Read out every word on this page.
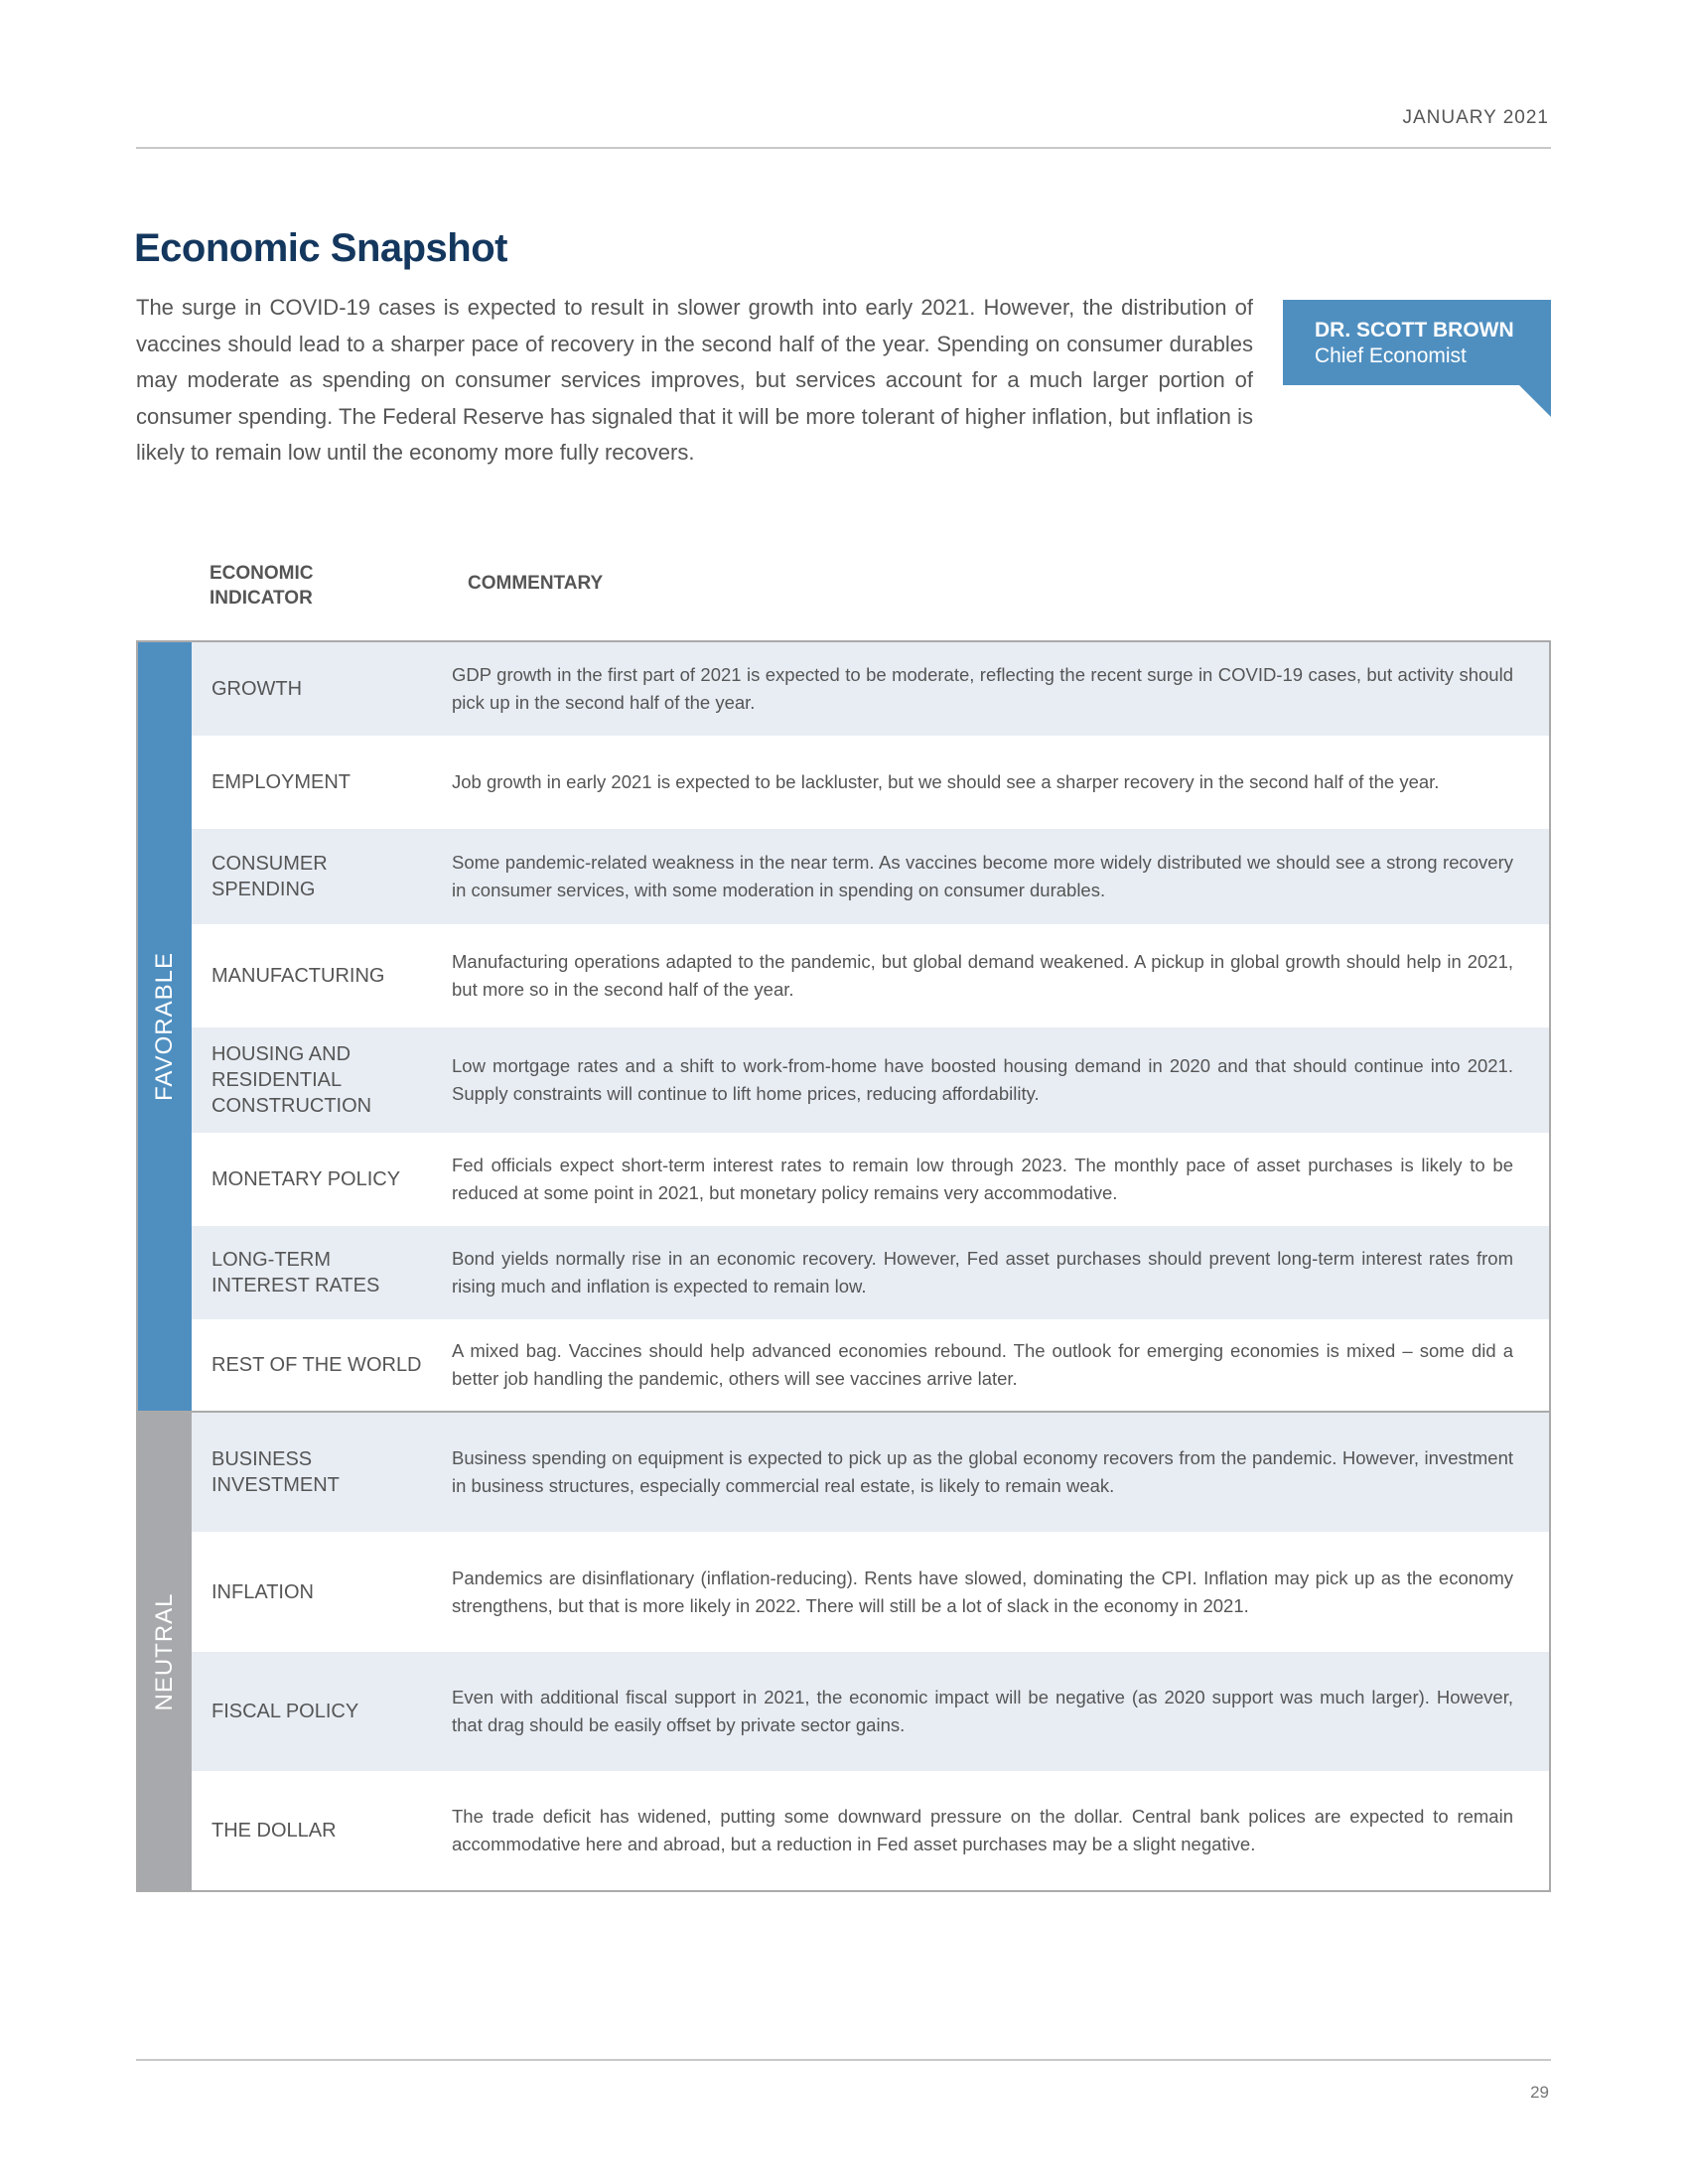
JANUARY 2021
Economic Snapshot

The surge in COVID-19 cases is expected to result in slower growth into early 2021. However, the distribution of vaccines should lead to a sharper pace of recovery in the second half of the year. Spending on consumer durables may moderate as spending on consumer services improves, but services account for a much larger portion of consumer spending. The Federal Reserve has signaled that it will be more tolerant of higher inflation, but inflation is likely to remain low until the economy more fully recovers.

DR. SCOTT BROWN
Chief Economist
ECONOMIC
INDICATOR
COMMENTARY
FAVORABLE
GROWTH
GDP growth in the first part of 2021 is expected to be moderate, reflecting the recent surge in COVID-19 cases, but activity should pick up in the second half of the year.
EMPLOYMENT	Job growth in early 2021 is expected to be lackluster, but we should see a sharper recovery in the second half of the year.
CONSUMER SPENDING
Some pandemic-related weakness in the near term. As vaccines become more widely distributed we should see a strong recovery in consumer services, with some moderation in spending on consumer durables.
MANUFACTURING
Manufacturing operations adapted to the pandemic, but global demand weakened. A pickup in global growth should help in 2021, but more so in the second half of the year.
HOUSING AND RESIDENTIAL CONSTRUCTION
Low mortgage rates and a shift to work-from-home have boosted housing demand in 2020 and that should continue into 2021. Supply constraints will continue to lift home prices, reducing affordability.
MONETARY POLICY
Fed officials expect short-term interest rates to remain low through 2023. The monthly pace of asset purchases is likely to be reduced at some point in 2021, but monetary policy remains very accommodative.
LONG-TERM INTEREST RATES
Bond yields normally rise in an economic recovery. However, Fed asset purchases should prevent long-term interest rates from rising much and inflation is expected to remain low.
REST OF THE WORLD
A mixed bag. Vaccines should help advanced economies rebound. The outlook for emerging economies is mixed – some did a better job handling the pandemic, others will see vaccines arrive later.
NEUTRAL
BUSINESS INVESTMENT
Business spending on equipment is expected to pick up as the global economy recovers from the pandemic. However, investment in business structures, especially commercial real estate, is likely to remain weak.
INFLATION
Pandemics are disinflationary (inflation-reducing). Rents have slowed, dominating the CPI. Inflation may pick up as the economy strengthens, but that is more likely in 2022. There will still be a lot of slack in the economy in 2021.
FISCAL POLICY
Even with additional fiscal support in 2021, the economic impact will be negative (as 2020 support was much larger). However, that drag should be easily offset by private sector gains.
THE DOLLAR
The trade deficit has widened, putting some downward pressure on the dollar. Central bank polices are expected to remain accommodative here and abroad, but a reduction in Fed asset purchases may be a slight negative.
29
